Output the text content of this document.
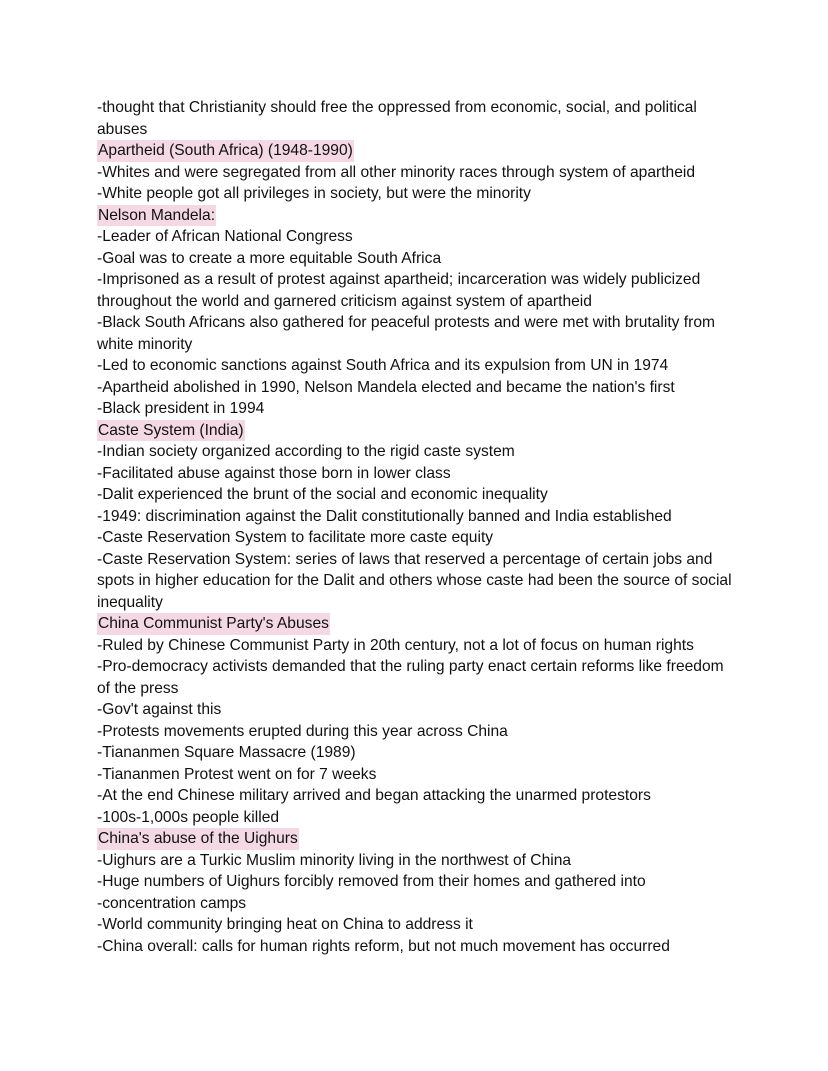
-thought that Christianity should free the oppressed from economic, social, and political abuses
Apartheid (South Africa) (1948-1990)
-Whites and were segregated from all other minority races through system of apartheid
-White people got all privileges in society, but were the minority
Nelson Mandela:
-Leader of African National Congress
-Goal was to create a more equitable South Africa
-Imprisoned as a result of protest against apartheid; incarceration was widely publicized throughout the world and garnered criticism against system of apartheid
-Black South Africans also gathered for peaceful protests and were met with brutality from white minority
-Led to economic sanctions against South Africa and its expulsion from UN in 1974
-Apartheid abolished in 1990, Nelson Mandela elected and became the nation's first
-Black president in 1994
Caste System (India)
-Indian society organized according to the rigid caste system
-Facilitated abuse against those born in lower class
-Dalit experienced the brunt of the social and economic inequality
-1949: discrimination against the Dalit constitutionally banned and India established
-Caste Reservation System to facilitate more caste equity
-Caste Reservation System: series of laws that reserved a percentage of certain jobs and spots in higher education for the Dalit and others whose caste had been the source of social inequality
China Communist Party's Abuses
-Ruled by Chinese Communist Party in 20th century, not a lot of focus on human rights
-Pro-democracy activists demanded that the ruling party enact certain reforms like freedom of the press
-Gov't against this
-Protests movements erupted during this year across China
-Tiananmen Square Massacre (1989)
-Tiananmen Protest went on for 7 weeks
-At the end Chinese military arrived and began attacking the unarmed protestors
-100s-1,000s people killed
China's abuse of the Uighurs
-Uighurs are a Turkic Muslim minority living in the northwest of China
-Huge numbers of Uighurs forcibly removed from their homes and gathered into
-concentration camps
-World community bringing heat on China to address it
-China overall: calls for human rights reform, but not much movement has occurred
